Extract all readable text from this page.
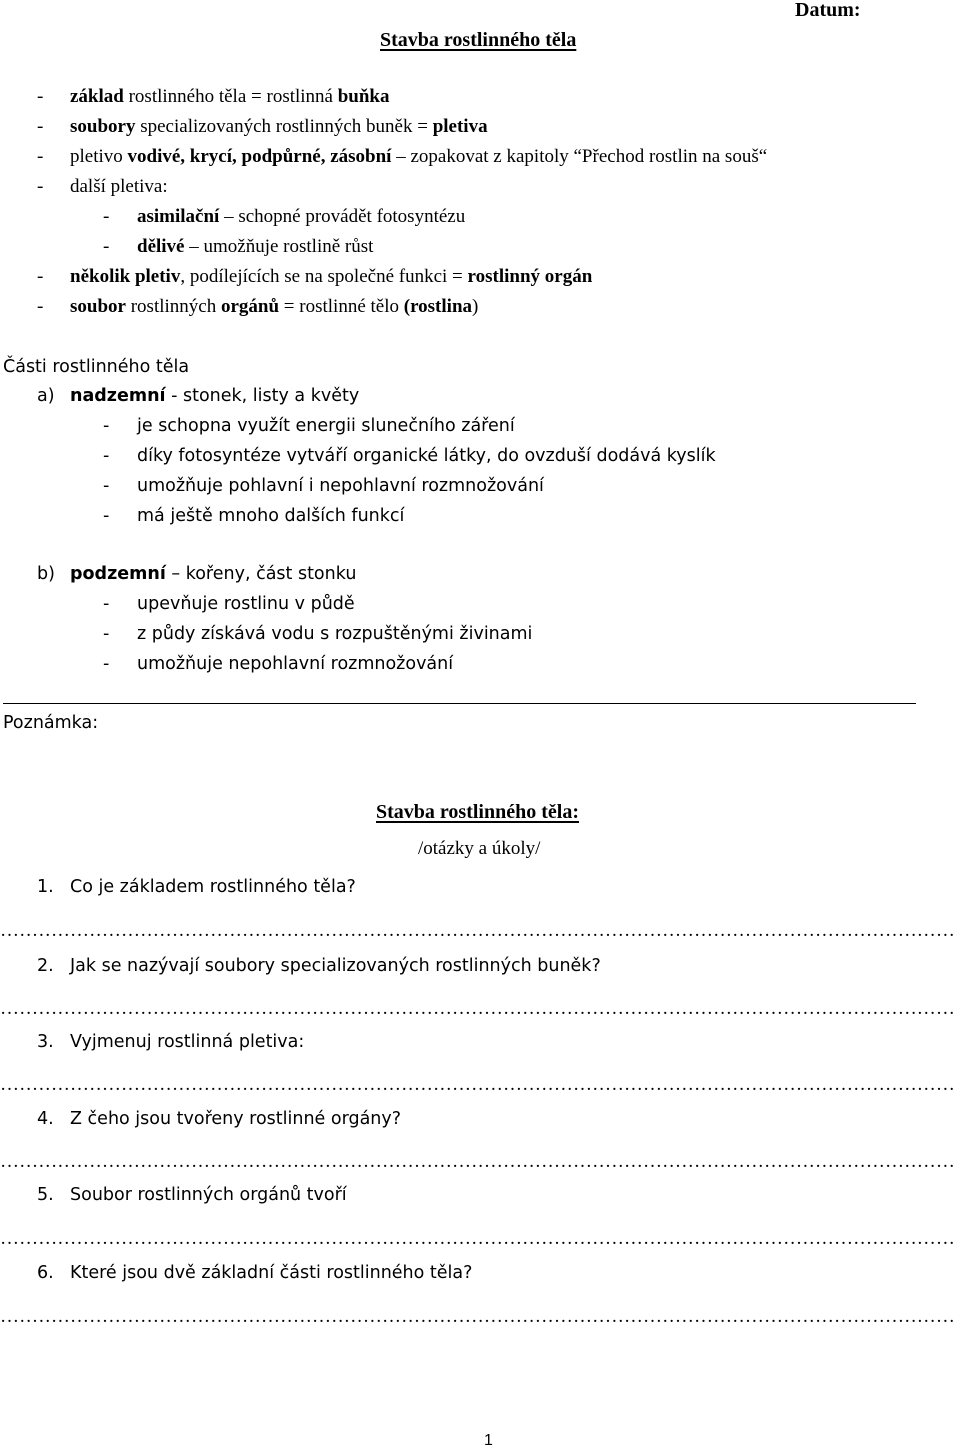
Datum:
Stavba rostlinného těla
- základ rostlinného těla = rostlinná buňka
- soubory specializovaných rostlinných buněk = pletiva
- pletivo vodivé, krycí, podpůrné, zásobní – zopakovat z kapitoly “Přechod rostlin na souš“
- další pletiva:
- asimilační – schopné provádět fotosyntézu
- dělivé – umožňuje rostlině růst
- několik pletiv, podílejících se na společné funkci = rostlinný orgán
- soubor rostlinných orgánů = rostlinné tělo (rostlina)
Části rostlinného těla
a) nadzemní - stonek, listy a květy
- je schopna využít energii slunečního záření
- díky fotosyntéze vytváří organické látky, do ovzduší dodává kyslík
- umožňuje pohlavní i nepohlavní rozmnožování
- má ještě mnoho dalších funkcí
b) podzemní – kořeny, část stonku
- upevňuje rostlinu v půdě
- z půdy získává vodu s rozpuštěnými živinami
- umožňuje nepohlavní rozmnožování
Poznámka:
Stavba rostlinného těla:
/otázky a úkoly/
1. Co je základem rostlinného těla?
……………………………………………………………………………………………………………………………………
2. Jak se nazývají soubory specializovaných rostlinných buněk?
……………………………………………………………………………………………………………………………………
3. Vyjmenuj rostlinná pletiva:
……………………………………………………………………………………………………………………………………
4. Z čeho jsou tvořeny rostlinné orgány?
……………………………………………………………………………………………………………………………………
5. Soubor rostlinných orgánů tvoří
……………………………………………………………………………………………………………………………………
6. Které jsou dvě základní části rostlinného těla?
……………………………………………………………………………………………………………………………………
1
